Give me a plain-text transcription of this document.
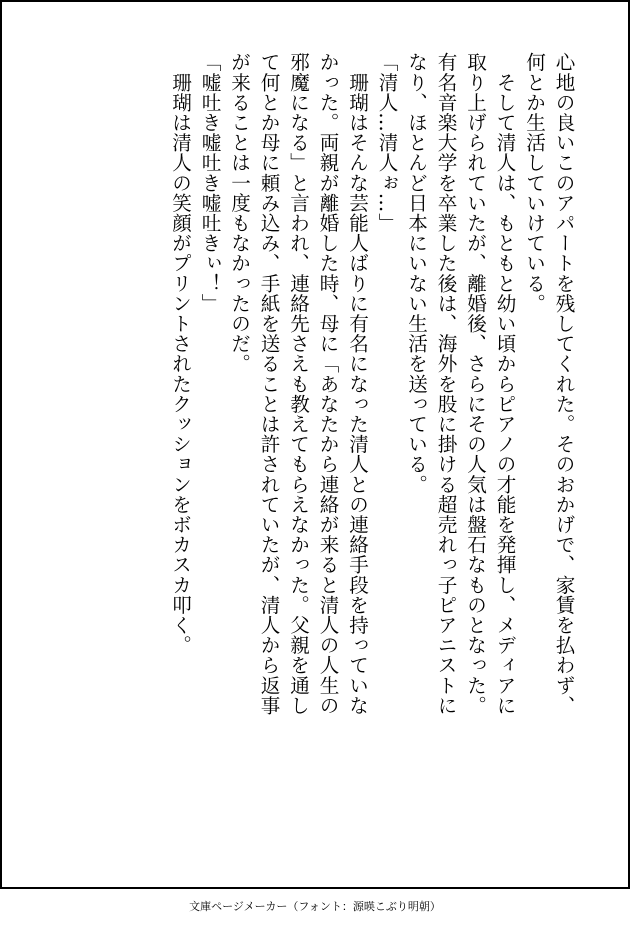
心地の良いこのアパートを残してくれた。そのおかげで、家賃を払わず、

何とか生活していけている。

　そして清人は、もともと幼い頃からピアノの才能を発揮し、メディアに

取り上げられていたが、離婚後、さらにその人気は盤石なものとなった。

有名音楽大学を卒業した後は、海外を股に掛ける超売れっ子ピアニストに

なり、ほとんど日本にいない生活を送っている。

「清人…清人ぉ…」

　珊瑚はそんな芸能人ばりに有名になった清人との連絡手段を持っていな

かった。両親が離婚した時、母に「あなたから連絡が来ると清人の人生の

邪魔になる」と言われ、連絡先さえも教えてもらえなかった。父親を通し

て何とか母に頼み込み、手紙を送ることは許されていたが、清人から返事

が来ることは一度もなかったのだ。

「嘘吐き嘘吐き嘘吐きぃ！」

　珊瑚は清人の笑顔がプリントされたクッションをボカスカ叩く。

文庫ページメーカー（フォント：源暎こぶり明朝）
